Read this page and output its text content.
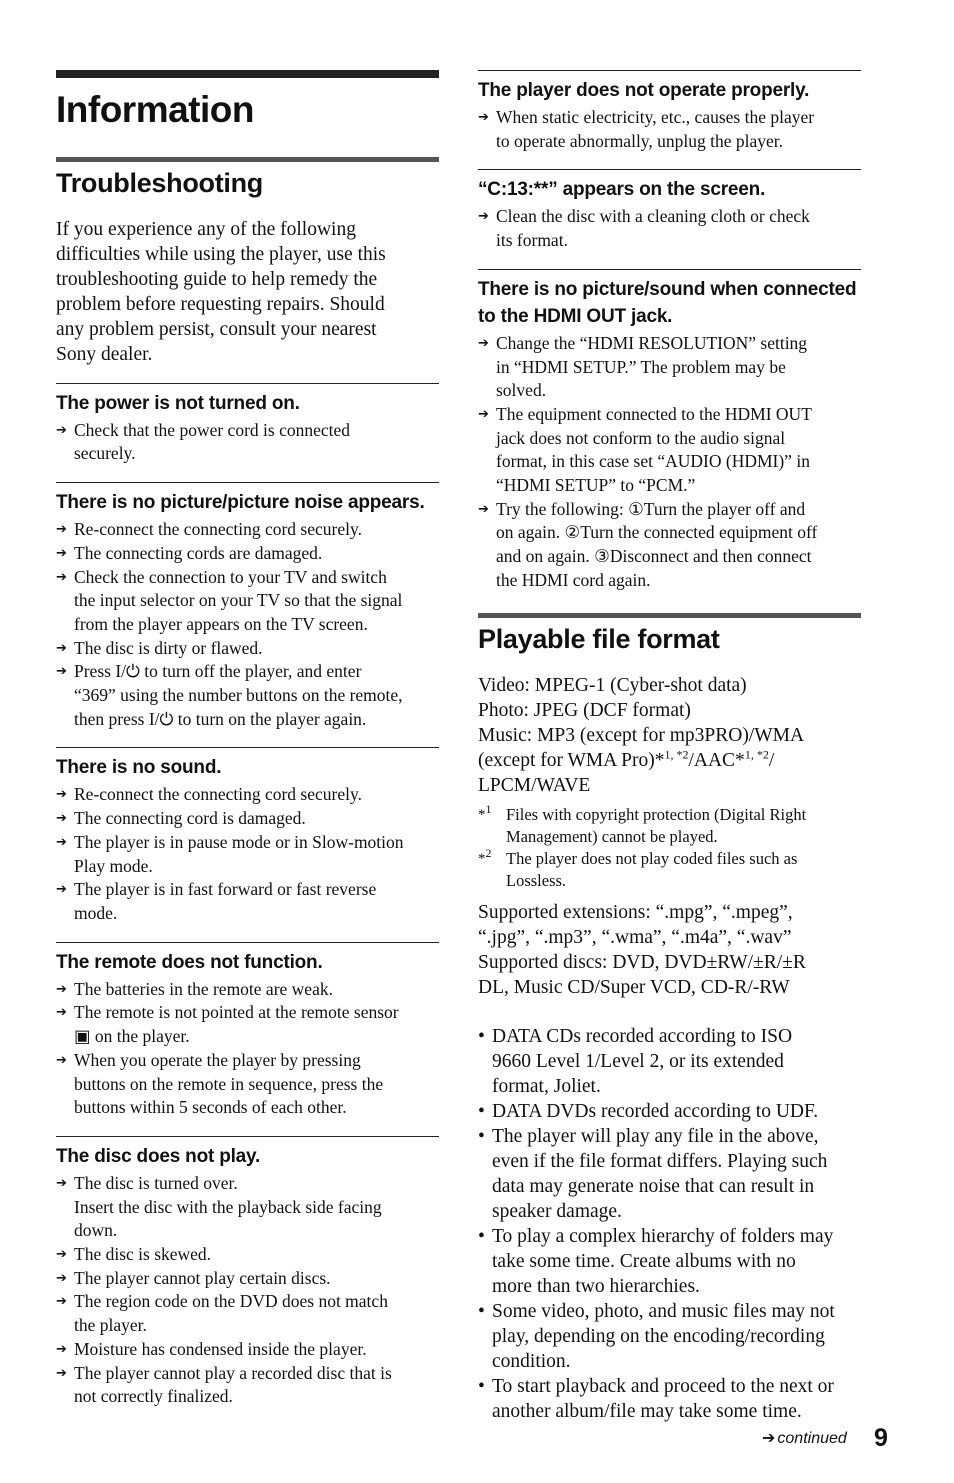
Information
Troubleshooting
If you experience any of the following
difficulties while using the player, use this
troubleshooting guide to help remedy the
problem before requesting repairs. Should
any problem persist, consult your nearest
Sony dealer.
The power is not turned on.
➔ Check that the power cord is connected
securely.
There is no picture/picture noise appears.
➔ Re-connect the connecting cord securely.
➔ The connecting cords are damaged.
➔ Check the connection to your TV and switch
the input selector on your TV so that the signal
from the player appears on the TV screen.
➔ The disc is dirty or flawed.
➔ Press I/⏻ to turn off the player, and enter
“369” using the number buttons on the remote,
then press I/⏻ to turn on the player again.
There is no sound.
➔ Re-connect the connecting cord securely.
➔ The connecting cord is damaged.
➔ The player is in pause mode or in Slow-motion
Play mode.
➔ The player is in fast forward or fast reverse
mode.
The remote does not function.
➔ The batteries in the remote are weak.
➔ The remote is not pointed at the remote sensor
▣ on the player.
➔ When you operate the player by pressing
buttons on the remote in sequence, press the
buttons within 5 seconds of each other.
The disc does not play.
➔ The disc is turned over.
Insert the disc with the playback side facing
down.
➔ The disc is skewed.
➔ The player cannot play certain discs.
➔ The region code on the DVD does not match
the player.
➔ Moisture has condensed inside the player.
➔ The player cannot play a recorded disc that is
not correctly finalized.
The player does not operate properly.
➔ When static electricity, etc., causes the player
to operate abnormally, unplug the player.
“C:13:**” appears on the screen.
➔ Clean the disc with a cleaning cloth or check
its format.
There is no picture/sound when connected
to the HDMI OUT jack.
➔ Change the “HDMI RESOLUTION” setting
in “HDMI SETUP.” The problem may be
solved.
➔ The equipment connected to the HDMI OUT
jack does not conform to the audio signal
format, in this case set “AUDIO (HDMI)” in
“HDMI SETUP” to “PCM.”
➔ Try the following: ①Turn the player off and
on again. ②Turn the connected equipment off
and on again. ③Disconnect and then connect
the HDMI cord again.
Playable file format
Video: MPEG-1 (Cyber-shot data)
Photo: JPEG (DCF format)
Music: MP3 (except for mp3PRO)/WMA
(except for WMA Pro)*$^{1, *2}$/AAC*$^{1, *2}$/
LPCM/WAVE
*$^1$ Files with copyright protection (Digital Right
Management) cannot be played.
*$^2$ The player does not play coded files such as
Lossless.
Supported extensions: “.mpg”, “.mpeg”,
“.jpg”, “.mp3”, “.wma”, “.m4a”, “.wav”
Supported discs: DVD, DVD±RW/±R/±R
DL, Music CD/Super VCD, CD-R/-RW
• DATA CDs recorded according to ISO
9660 Level 1/Level 2, or its extended
format, Joliet.
• DATA DVDs recorded according to UDF.
• The player will play any file in the above,
even if the file format differs. Playing such
data may generate noise that can result in
speaker damage.
• To play a complex hierarchy of folders may
take some time. Create albums with no
more than two hierarchies.
• Some video, photo, and music files may not
play, depending on the encoding/recording
condition.
• To start playback and proceed to the next or
another album/file may take some time.
➔ continued 9
